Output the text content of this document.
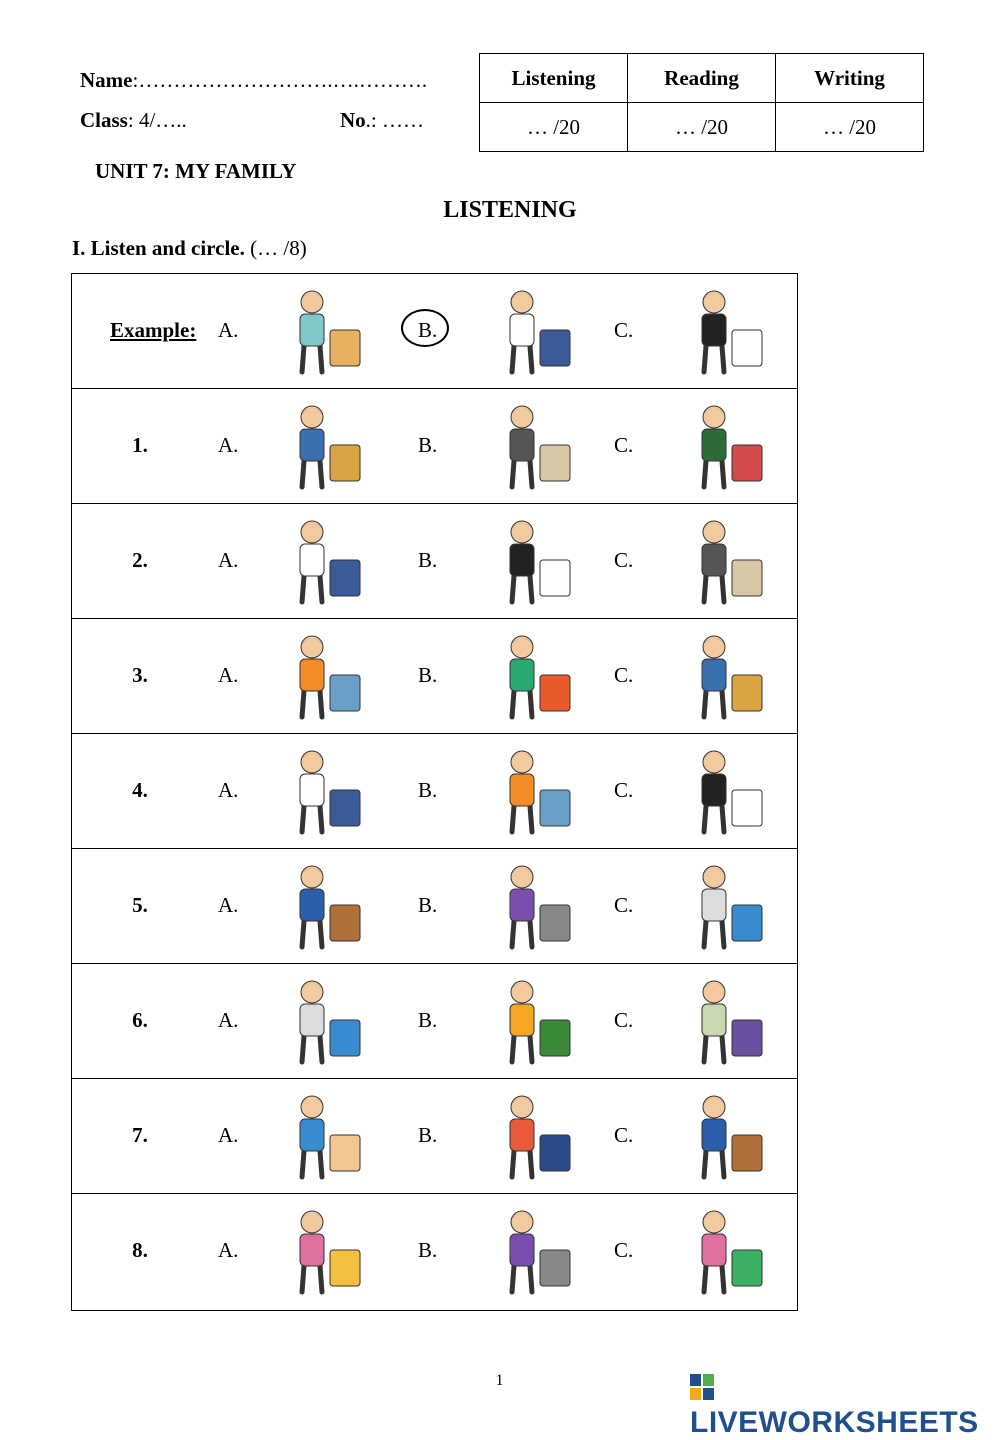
Name:……………………….….……….
Class: 4/…..	No.: ……
Listening	Reading	Writing
… /20	… /20	… /20
UNIT 7: MY FAMILY
LISTENING
I. Listen and circle. (… /8)
Example: A.	B.	C.
1.	A.	B.	C.
2.	A.	B.	C.
3.	A.	B.	C.
4.	A.	B.	C.
5.	A.	B.	C.
6.	A.	B.	C.
7.	A.	B.	C.
8.	A.	B.	C.
1
LIVEWORKSHEETS
